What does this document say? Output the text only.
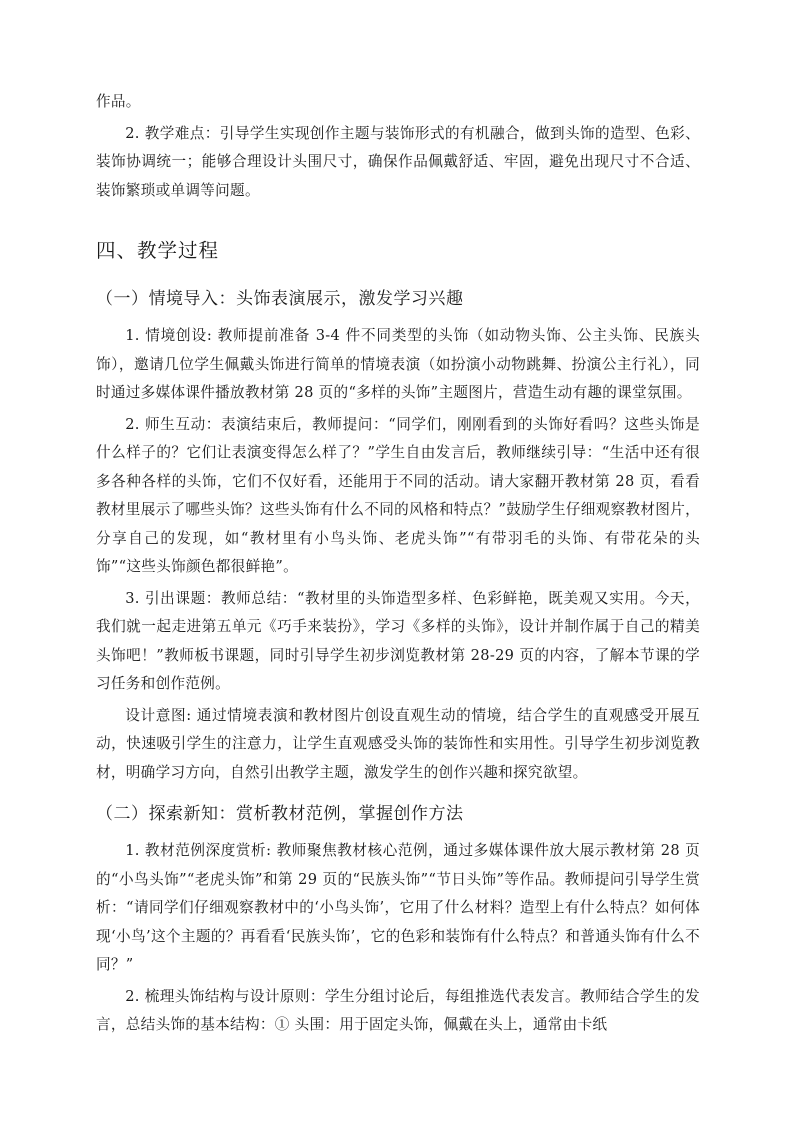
作品。

2. 教学难点：引导学生实现创作主题与装饰形式的有机融合，做到头饰的造型、色彩、装饰协调统一；能够合理设计头围尺寸，确保作品佩戴舒适、牢固，避免出现尺寸不合适、装饰繁琐或单调等问题。

四、教学过程
（一）情境导入：头饰表演展示，激发学习兴趣

1. 情境创设: 教师提前准备 3-4 件不同类型的头饰（如动物头饰、公主头饰、民族头饰），邀请几位学生佩戴头饰进行简单的情境表演（如扮演小动物跳舞、扮演公主行礼），同时通过多媒体课件播放教材第 28 页的“多样的头饰”主题图片，营造生动有趣的课堂氛围。

2. 师生互动：表演结束后，教师提问：“同学们，刚刚看到的头饰好看吗？这些头饰是什么样子的？它们让表演变得怎么样了？”学生自由发言后，教师继续引导：“生活中还有很多各种各样的头饰，它们不仅好看，还能用于不同的活动。请大家翻开教材第 28 页，看看教材里展示了哪些头饰？这些头饰有什么不同的风格和特点？”鼓励学生仔细观察教材图片，分享自己的发现，如“教材里有小鸟头饰、老虎头饰”“有带羽毛的头饰、有带花朵的头饰”“这些头饰颜色都很鲜艳”。

3. 引出课题：教师总结：“教材里的头饰造型多样、色彩鲜艳，既美观又实用。今天，我们就一起走进第五单元《巧手来装扮》，学习《多样的头饰》，设计并制作属于自己的精美头饰吧！”教师板书课题，同时引导学生初步浏览教材第 28-29 页的内容，了解本节课的学习任务和创作范例。

设计意图: 通过情境表演和教材图片创设直观生动的情境，结合学生的直观感受开展互动，快速吸引学生的注意力，让学生直观感受头饰的装饰性和实用性。引导学生初步浏览教材，明确学习方向，自然引出教学主题，激发学生的创作兴趣和探究欲望。

（二）探索新知：赏析教材范例，掌握创作方法

1. 教材范例深度赏析: 教师聚焦教材核心范例，通过多媒体课件放大展示教材第 28 页的“小鸟头饰”“老虎头饰”和第 29 页的“民族头饰”“节日头饰”等作品。教师提问引导学生赏析：“请同学们仔细观察教材中的‘小鸟头饰’，它用了什么材料？造型上有什么特点？如何体现‘小鸟’这个主题的？再看看‘民族头饰’，它的色彩和装饰有什么特点？和普通头饰有什么不同？”

2. 梳理头饰结构与设计原则：学生分组讨论后，每组推选代表发言。教师结合学生的发言，总结头饰的基本结构：① 头围：用于固定头饰，佩戴在头上，通常由卡纸
